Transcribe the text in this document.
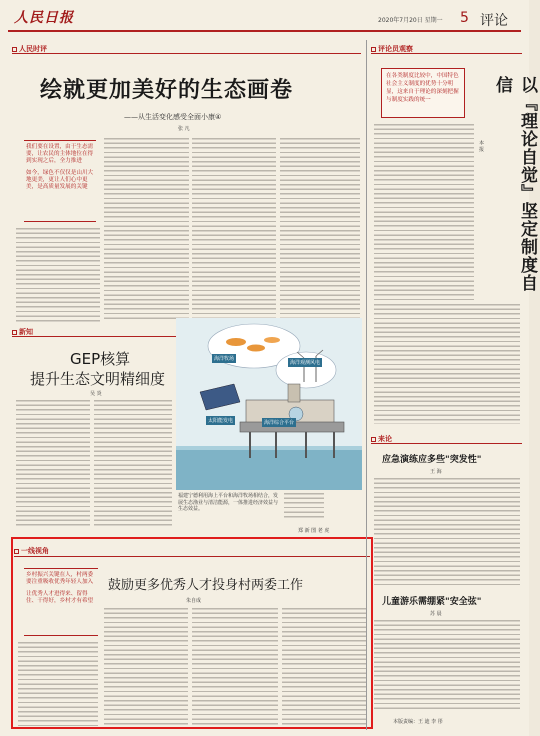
人民日报	2020年7月20日 星期一 5 评论
人民时评
绘就更加美好的生态画卷
——从生活变化感受全面小康④
张 凡

我们要在设置，由于生态需要，让农民的主体地位在得到实现之后，全力推进

如今，绿色不仅仅是山川大地更美，更让人们心中更美，是高质量发展的关键

新知
GEP核算
提升生态文明精细度
吴 炎
海洋牧场
海洋观测风电
太阳能发电	海洋综合平台
福建宁德利用海上平台和海洋牧场相结合，发展生态渔业与清洁能源，一体推进经济效益与生态效益。
郑 新 图 老 虎
一线视角

乡村振兴关键在人，村两委要注重吸收优秀年轻人加入

让优秀人才进得来、留得住、干得好，乡村才有希望

鼓励更多优秀人才投身村两委工作
朱自成
评论员观察
在各类制度比较中，中国特色社会主义制度的优势十分明显，这来自于理论的深刻把握与制度实践的统一	以『理论自觉』坚定制度自信
本 报
来论
应急演练应多些"突发性"
王 海
儿童游乐需绷紧"安全弦"
苏 晨
本版责编：王 迪 李 彤
